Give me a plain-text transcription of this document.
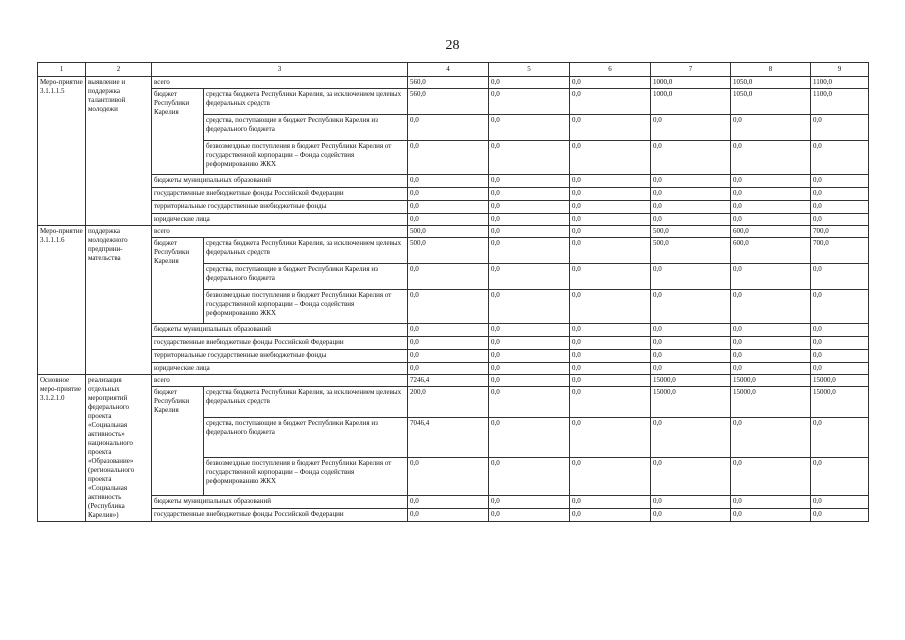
28
1	2	3		4	5	6	7	8	9
Меро-приятие 3.1.1.1.5	выявление и поддержка талантливой молодежи	всего		560,0	0,0	0,0	1000,0	1050,0	1100,0
		бюджет Республики Карелия	средства бюджета Республики Карелия, за исключением целевых федеральных средств	560,0	0,0	0,0	1000,0	1050,0	1100,0
			средства, поступающие в бюджет Республики Карелия из федерального бюджета	0,0	0,0	0,0	0,0	0,0	0,0
			безвозмездные поступления в бюджет Республики Карелия от государственной корпорации – Фонда содействия реформированию ЖКХ	0,0	0,0	0,0	0,0	0,0	0,0
		бюджеты муниципальных образований		0,0	0,0	0,0	0,0	0,0	0,0
		государственные внебюджетные фонды Российской Федерации		0,0	0,0	0,0	0,0	0,0	0,0
		территориальные государственные внебюджетные фонды		0,0	0,0	0,0	0,0	0,0	0,0
		юридические лица		0,0	0,0	0,0	0,0	0,0	0,0
Меро-приятие 3.1.1.1.6	поддержка молодежного предприни-мательства	всего		500,0	0,0	0,0	500,0	600,0	700,0
		бюджет Республики Карелия	средства бюджета Республики Карелия, за исключением целевых федеральных средств	500,0	0,0	0,0	500,0	600,0	700,0
			средства, поступающие в бюджет Республики Карелия из федерального бюджета	0,0	0,0	0,0	0,0	0,0	0,0
			безвозмездные поступления в бюджет Республики Карелия от государственной корпорации – Фонда содействия реформированию ЖКХ	0,0	0,0	0,0	0,0	0,0	0,0
		бюджеты муниципальных образований		0,0	0,0	0,0	0,0	0,0	0,0
		государственные внебюджетные фонды Российской Федерации		0,0	0,0	0,0	0,0	0,0	0,0
		территориальные государственные внебюджетные фонды		0,0	0,0	0,0	0,0	0,0	0,0
		юридические лица		0,0	0,0	0,0	0,0	0,0	0,0
Основное меро-приятие 3.1.2.1.0	реализация отдельных мероприятий федерального проекта «Социальная активность» национального проекта «Образование» (регионального проекта «Социальная активность (Республика Карелия»)	всего		7246,4	0,0	0,0	15000,0	15000,0	15000,0
		бюджет Республики Карелия	средства бюджета Республики Карелия, за исключением целевых федеральных средств	200,0	0,0	0,0	15000,0	15000,0	15000,0
			средства, поступающие в бюджет Республики Карелия из федерального бюджета	7046,4	0,0	0,0	0,0	0,0	0,0
			безвозмездные поступления в бюджет Республики Карелия от государственной корпорации – Фонда содействия реформированию ЖКХ	0,0	0,0	0,0	0,0	0,0	0,0
		бюджеты муниципальных образований		0,0	0,0	0,0	0,0	0,0	0,0
		государственные внебюджетные фонды Российской Федерации		0,0	0,0	0,0	0,0	0,0	0,0
